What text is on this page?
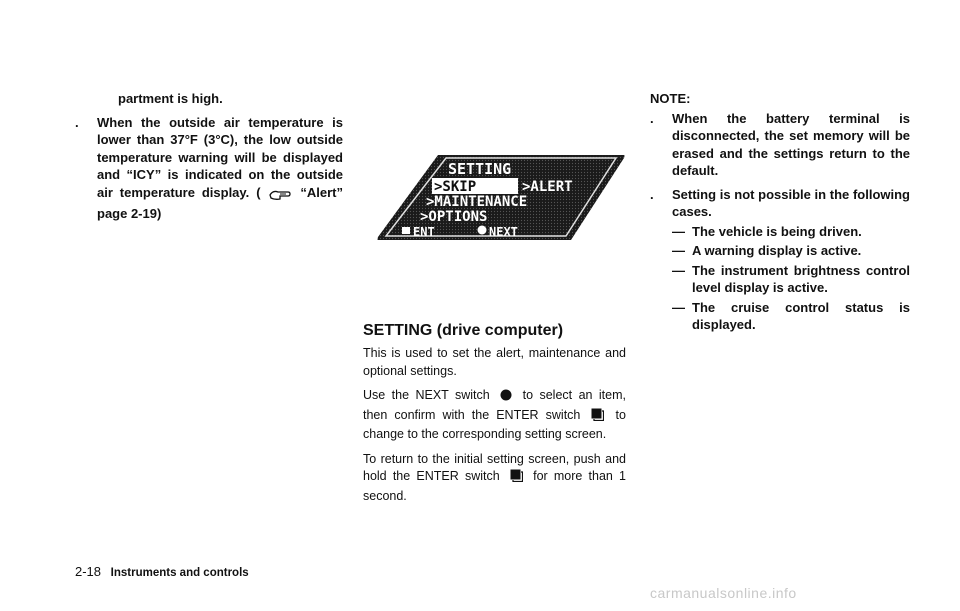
partment is high.
.	When the outside air temperature is lower than 37°F (3°C), the low outside temperature warning will be displayed and “ICY” is indicated on the outside air temperature display. (	“Alert” page 2-19)
SETTING
>SKIP	>ALERT
>MAINTENANCE
>OPTIONS
ENT	NEXT
SETTING (drive computer)

This is used to set the alert, maintenance and optional settings.

Use the NEXT switch	to select an item, then confirm with the ENTER switch	to change to the corresponding setting screen.

To return to the initial setting screen, push and hold the ENTER switch	for more than 1 second.

NOTE:
.	When the battery terminal is disconnected, the set memory will be erased and the settings return to the default.
.	Setting is not possible in the following cases.
— The vehicle is being driven.
— A warning display is active.
— The instrument brightness control level display is active.
— The cruise control status is displayed.
2-18 Instruments and controls
carmanualsonline.info
